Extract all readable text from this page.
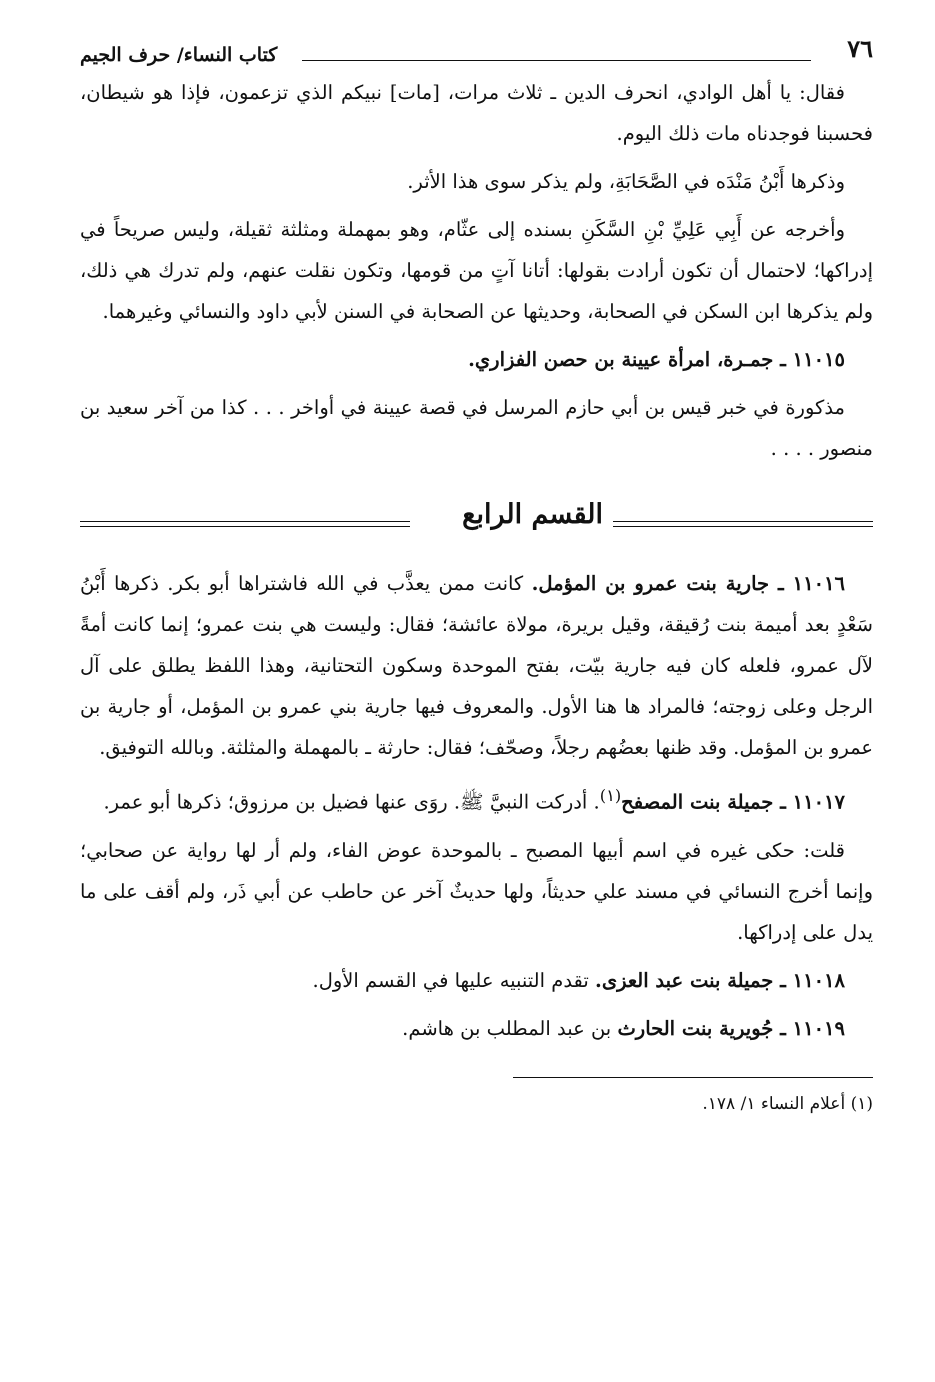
٧٦
كتاب النساء/ حرف الجيم

فقال: يا أهل الوادي، انحرف الدين ـ ثلاث مرات، [مات] نبيكم الذي تزعمون، فإذا هو شيطان، فحسبنا فوجدناه مات ذلك اليوم.

وذكرها أَبْنُ مَنْدَه في الصَّحَابَةِ، ولم يذكر سوى هذا الأثر.

وأخرجه عن أَبِي عَلِيِّ بْنِ السَّكَنِ بسنده إلى عثّام، وهو بمهملة ومثلثة ثقيلة، وليس صريحاً في إدراكها؛ لاحتمال أن تكون أرادت بقولها: أتانا آتٍ من قومها، وتكون نقلت عنهم، ولم تدرك هي ذلك، ولم يذكرها ابن السكن في الصحابة، وحديثها عن الصحابة في السنن لأبي داود والنسائي وغيرهما.

١١٠١٥ ـ جمـرة، امرأة عيينة بن حصن الفزاري.

مذكورة في خبر قيس بن أبي حازم المرسل في قصة عيينة في أواخر . . . كذا من آخر سعيد بن منصور . . . .

القسم الرابع

١١٠١٦ ـ جارية بنت عمرو بن المؤمل. كانت ممن يعذَّب في الله فاشتراها أبو بكر. ذكرها أَبْنُ سَعْدٍ بعد أميمة بنت رُقيقة، وقيل بريرة، مولاة عائشة؛ فقال: وليست هي بنت عمرو؛ إنما كانت أمةً لآل عمرو، فلعله كان فيه جارية بيّت، بفتح الموحدة وسكون التحتانية، وهذا اللفظ يطلق على آل الرجل وعلى زوجته؛ فالمراد ها هنا الأول. والمعروف فيها جارية بني عمرو بن المؤمل، أو جارية بن عمرو بن المؤمل. وقد ظنها بعضُهم رجلاً، وصحّف؛ فقال: حارثة ـ بالمهملة والمثلثة. وبالله التوفيق.

١١٠١٧ ـ جميلة بنت المصفح$^{(١)}$. أدركت النبيَّ ﷺ. روَى عنها فضيل بن مرزوق؛ ذكرها أبو عمر.

قلت: حكى غيره في اسم أبيها المصبح ـ بالموحدة عوض الفاء، ولم أر لها رواية عن صحابي؛ وإنما أخرج النسائي في مسند علي حديثاً، ولها حديثٌ آخر عن حاطب عن أبي ذَر، ولم أقف على ما يدل على إدراكها.

١١٠١٨ ـ جميلة بنت عبد العزى. تقدم التنبيه عليها في القسم الأول.

١١٠١٩ ـ جُويرية بنت الحارث بن عبد المطلب بن هاشم.

(١) أعلام النساء ١/ ١٧٨.
